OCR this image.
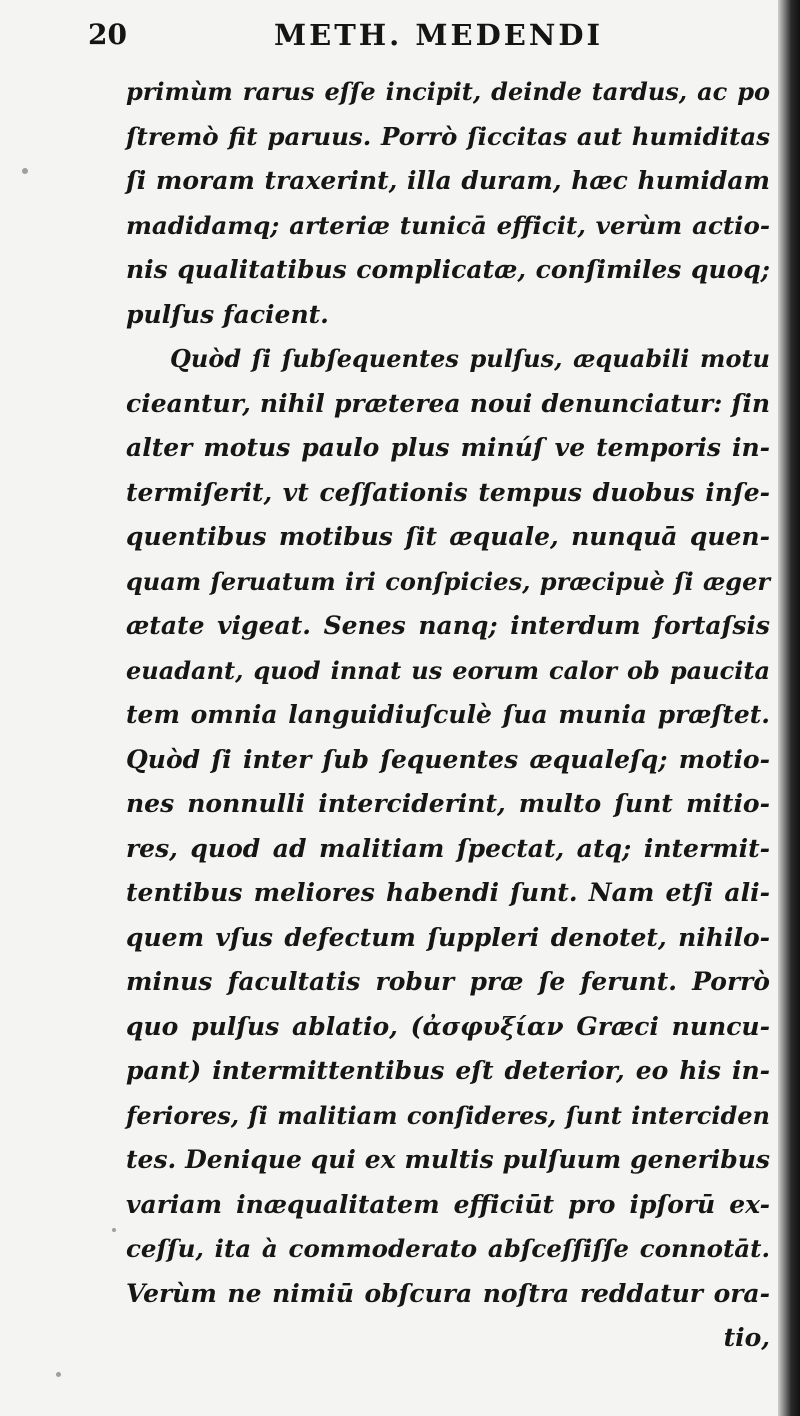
20	METH. MEDENDI
primùm rarus eſſe incipit, deinde tardus, ac po
ſtremò fit paruus. Porrò ſiccitas aut humiditas
ſi moram traxerint, illa duram, hæc humidam
madidamq; arteriæ tunicā efficit, verùm actio-
nis qualitatibus complicatæ, conſimiles quoq;
pulſus facient.
Quòd ſi ſubſequentes pulſus, æquabili motu
cieantur, nihil præterea noui denunciatur: ſin
alter motus paulo plus minúſ ve temporis in-
termiſerit, vt ceſſationis tempus duobus inſe-
quentibus motibus ſit æquale, nunquā quen-
quam ſeruatum iri conſpicies, præcipuè ſi æger
ætate vigeat. Senes nanq; interdum fortaſsis
euadant, quod innat us eorum calor ob paucita
tem omnia languidiuſculè ſua munia præſtet.
Quòd ſi inter ſub ſequentes æqualeſq; motio-
nes nonnulli interciderint, multo ſunt mitio-
res, quod ad malitiam ſpectat, atq; intermit-
tentibus meliores habendi ſunt. Nam etſi ali-
quem vſus defectum ſuppleri denotet, nihilo-
minus facultatis robur præ ſe ferunt. Porrò
quo pulſus ablatio, (ἀσφυξίαν Græci nuncu-
pant) intermittentibus eſt deterior, eo his in-
feriores, ſi malitiam conſideres, ſunt interciden
tes. Denique qui ex multis pulſuum generibus
variam inæqualitatem efficiūt pro ipſorū ex-
ceſſu, ita à commoderato abſceſſiſſe connotāt.
Verùm ne nimiū obſcura noſtra reddatur ora-
tio,
